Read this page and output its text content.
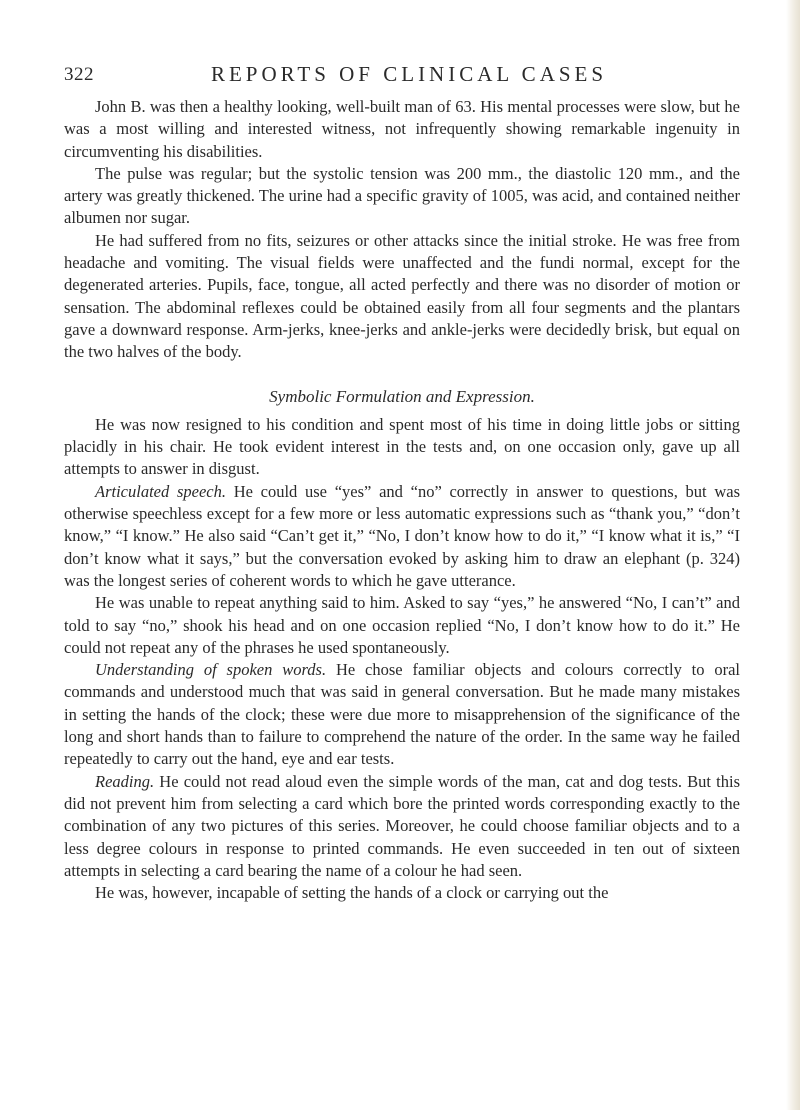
322	REPORTS OF CLINICAL CASES

John B. was then a healthy looking, well-built man of 63. His mental processes were slow, but he was a most willing and interested witness, not infrequently showing remarkable ingenuity in circumventing his disabilities.

The pulse was regular; but the systolic tension was 200 mm., the diastolic 120 mm., and the artery was greatly thickened. The urine had a specific gravity of 1005, was acid, and contained neither albumen nor sugar.

He had suffered from no fits, seizures or other attacks since the initial stroke. He was free from headache and vomiting. The visual fields were unaffected and the fundi normal, except for the degenerated arteries. Pupils, face, tongue, all acted perfectly and there was no disorder of motion or sensation. The abdominal reflexes could be obtained easily from all four segments and the plantars gave a downward response. Arm-jerks, knee-jerks and ankle-jerks were decidedly brisk, but equal on the two halves of the body.

Symbolic Formulation and Expression.

He was now resigned to his condition and spent most of his time in doing little jobs or sitting placidly in his chair. He took evident interest in the tests and, on one occasion only, gave up all attempts to answer in disgust.

Articulated speech. He could use “yes” and “no” correctly in answer to questions, but was otherwise speechless except for a few more or less automatic expressions such as “thank you,” “don’t know,” “I know.” He also said “Can’t get it,” “No, I don’t know how to do it,” “I know what it is,” “I don’t know what it says,” but the conversation evoked by asking him to draw an elephant (p. 324) was the longest series of coherent words to which he gave utterance.

He was unable to repeat anything said to him. Asked to say “yes,” he answered “No, I can’t” and told to say “no,” shook his head and on one occasion replied “No, I don’t know how to do it.” He could not repeat any of the phrases he used spontaneously.

Understanding of spoken words. He chose familiar objects and colours correctly to oral commands and understood much that was said in general conversation. But he made many mistakes in setting the hands of the clock; these were due more to misapprehension of the significance of the long and short hands than to failure to comprehend the nature of the order. In the same way he failed repeatedly to carry out the hand, eye and ear tests.

Reading. He could not read aloud even the simple words of the man, cat and dog tests. But this did not prevent him from selecting a card which bore the printed words corresponding exactly to the combination of any two pictures of this series. Moreover, he could choose familiar objects and to a less degree colours in response to printed commands. He even succeeded in ten out of sixteen attempts in selecting a card bearing the name of a colour he had seen.

He was, however, incapable of setting the hands of a clock or carrying out the
